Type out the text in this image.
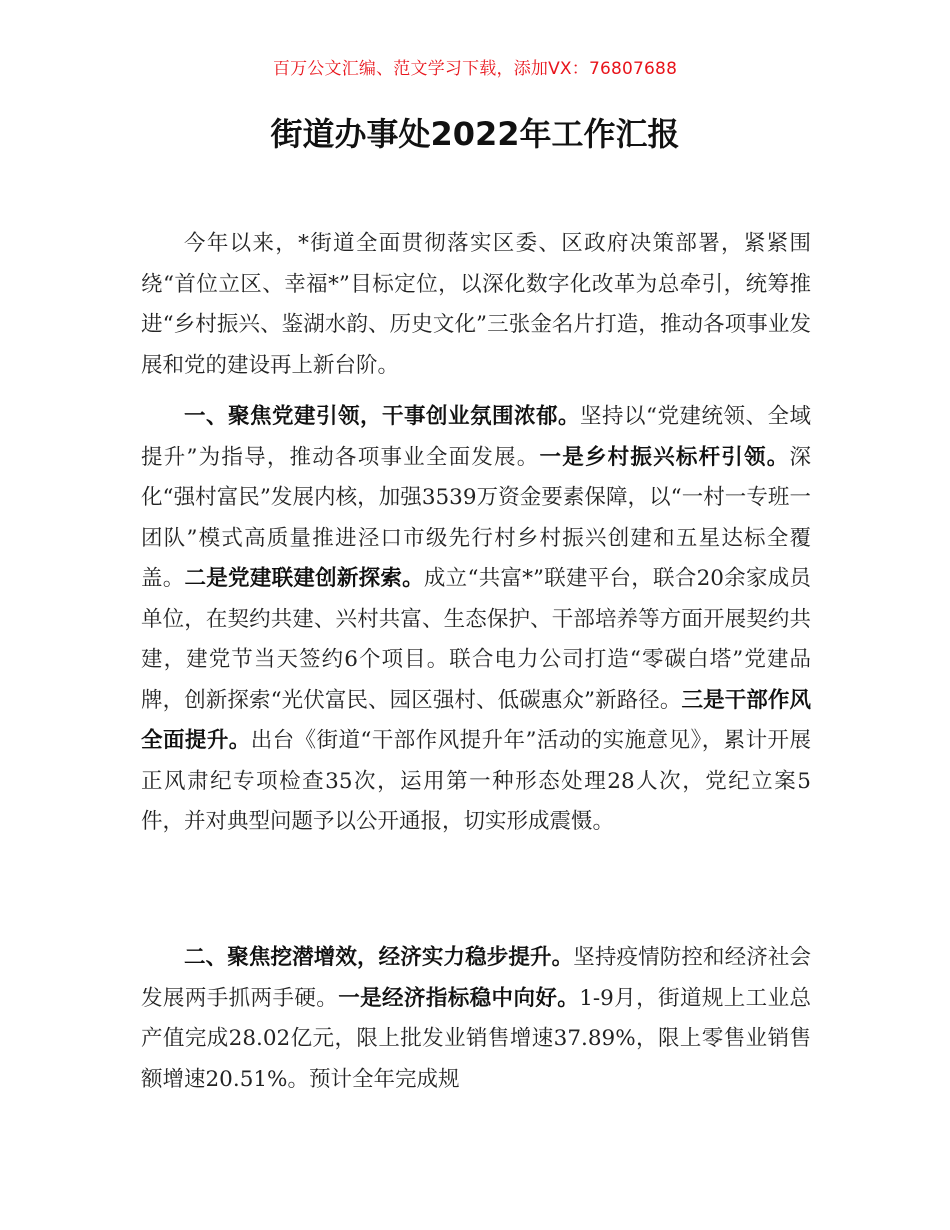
百万公文汇编、范文学习下载，添加VX：76807688
街道办事处2022年工作汇报

今年以来，*街道全面贯彻落实区委、区政府决策部署，紧紧围绕“首位立区、幸福*”目标定位，以深化数字化改革为总牵引，统筹推进“乡村振兴、鉴湖水韵、历史文化”三张金名片打造，推动各项事业发展和党的建设再上新台阶。

一、聚焦党建引领，干事创业氛围浓郁。坚持以“党建统领、全域提升”为指导，推动各项事业全面发展。一是乡村振兴标杆引领。深化“强村富民”发展内核，加强3539万资金要素保障，以“一村一专班一团队”模式高质量推进泾口市级先行村乡村振兴创建和五星达标全覆盖。二是党建联建创新探索。成立“共富*”联建平台，联合20余家成员单位，在契约共建、兴村共富、生态保护、干部培养等方面开展契约共建，建党节当天签约6个项目。联合电力公司打造“零碳白塔”党建品牌，创新探索“光伏富民、园区强村、低碳惠众”新路径。三是干部作风全面提升。出台《街道“干部作风提升年”活动的实施意见》，累计开展正风肃纪专项检查35次，运用第一种形态处理28人次，党纪立案5件，并对典型问题予以公开通报，切实形成震慑。

二、聚焦挖潜增效，经济实力稳步提升。坚持疫情防控和经济社会发展两手抓两手硬。一是经济指标稳中向好。1-9月，街道规上工业总产值完成28.02亿元，限上批发业销售增速37.89%，限上零售业销售额增速20.51%。预计全年完成规
